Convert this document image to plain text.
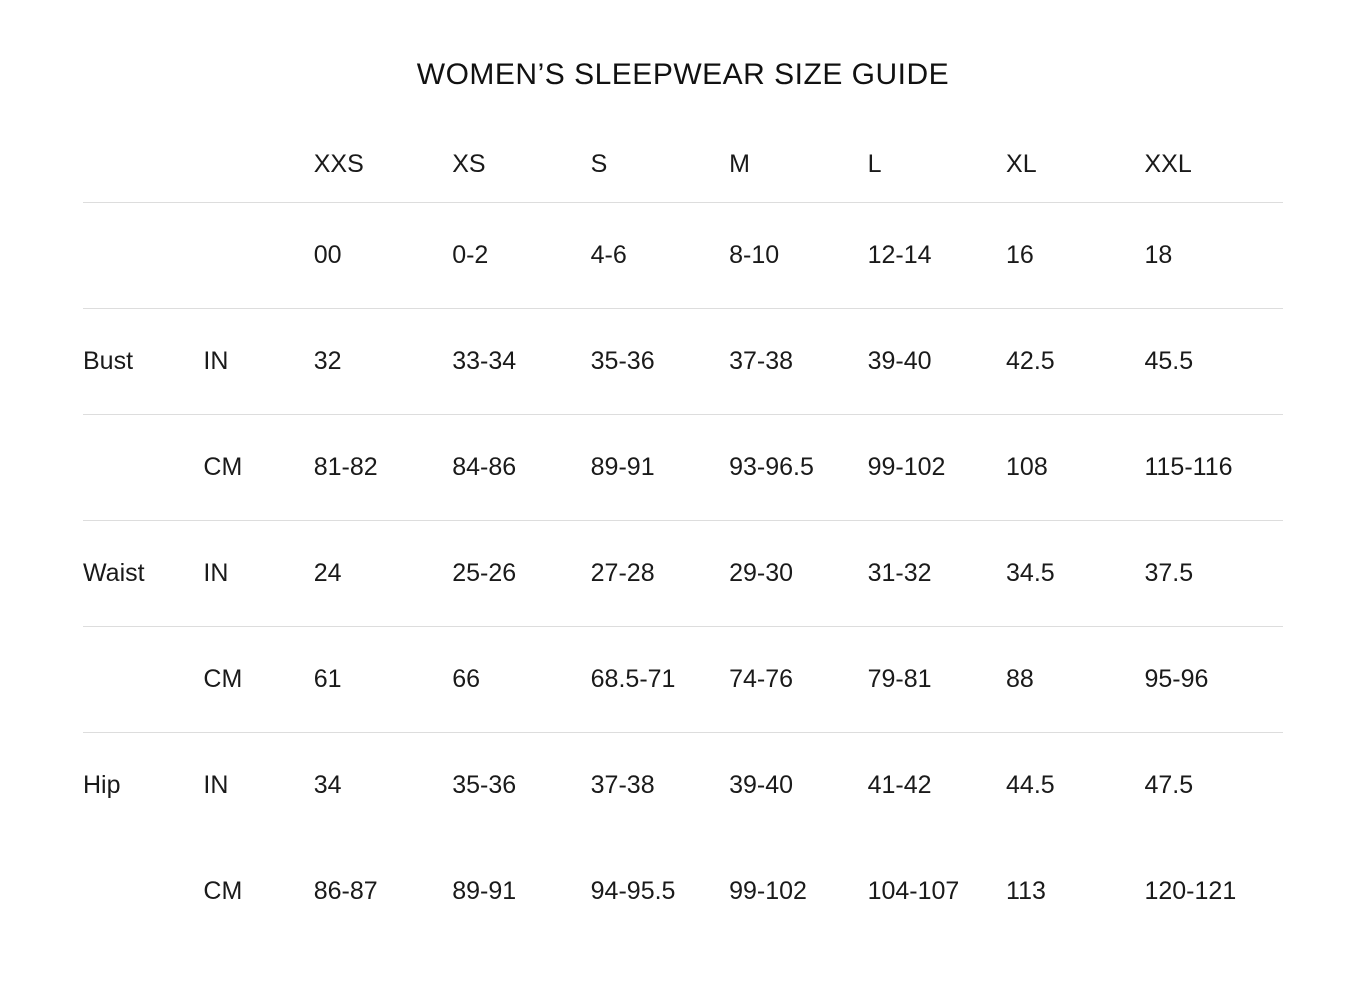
WOMEN’S SLEEPWEAR SIZE GUIDE
		XXS	XS	S	M	L	XL	XXL
		00	0-2	4-6	8-10	12-14	16	18
Bust	IN	32	33-34	35-36	37-38	39-40	42.5	45.5
	CM	81-82	84-86	89-91	93-96.5	99-102	108	115-116
Waist	IN	24	25-26	27-28	29-30	31-32	34.5	37.5
	CM	61	66	68.5-71	74-76	79-81	88	95-96
Hip	IN	34	35-36	37-38	39-40	41-42	44.5	47.5
	CM	86-87	89-91	94-95.5	99-102	104-107	113	120-121
